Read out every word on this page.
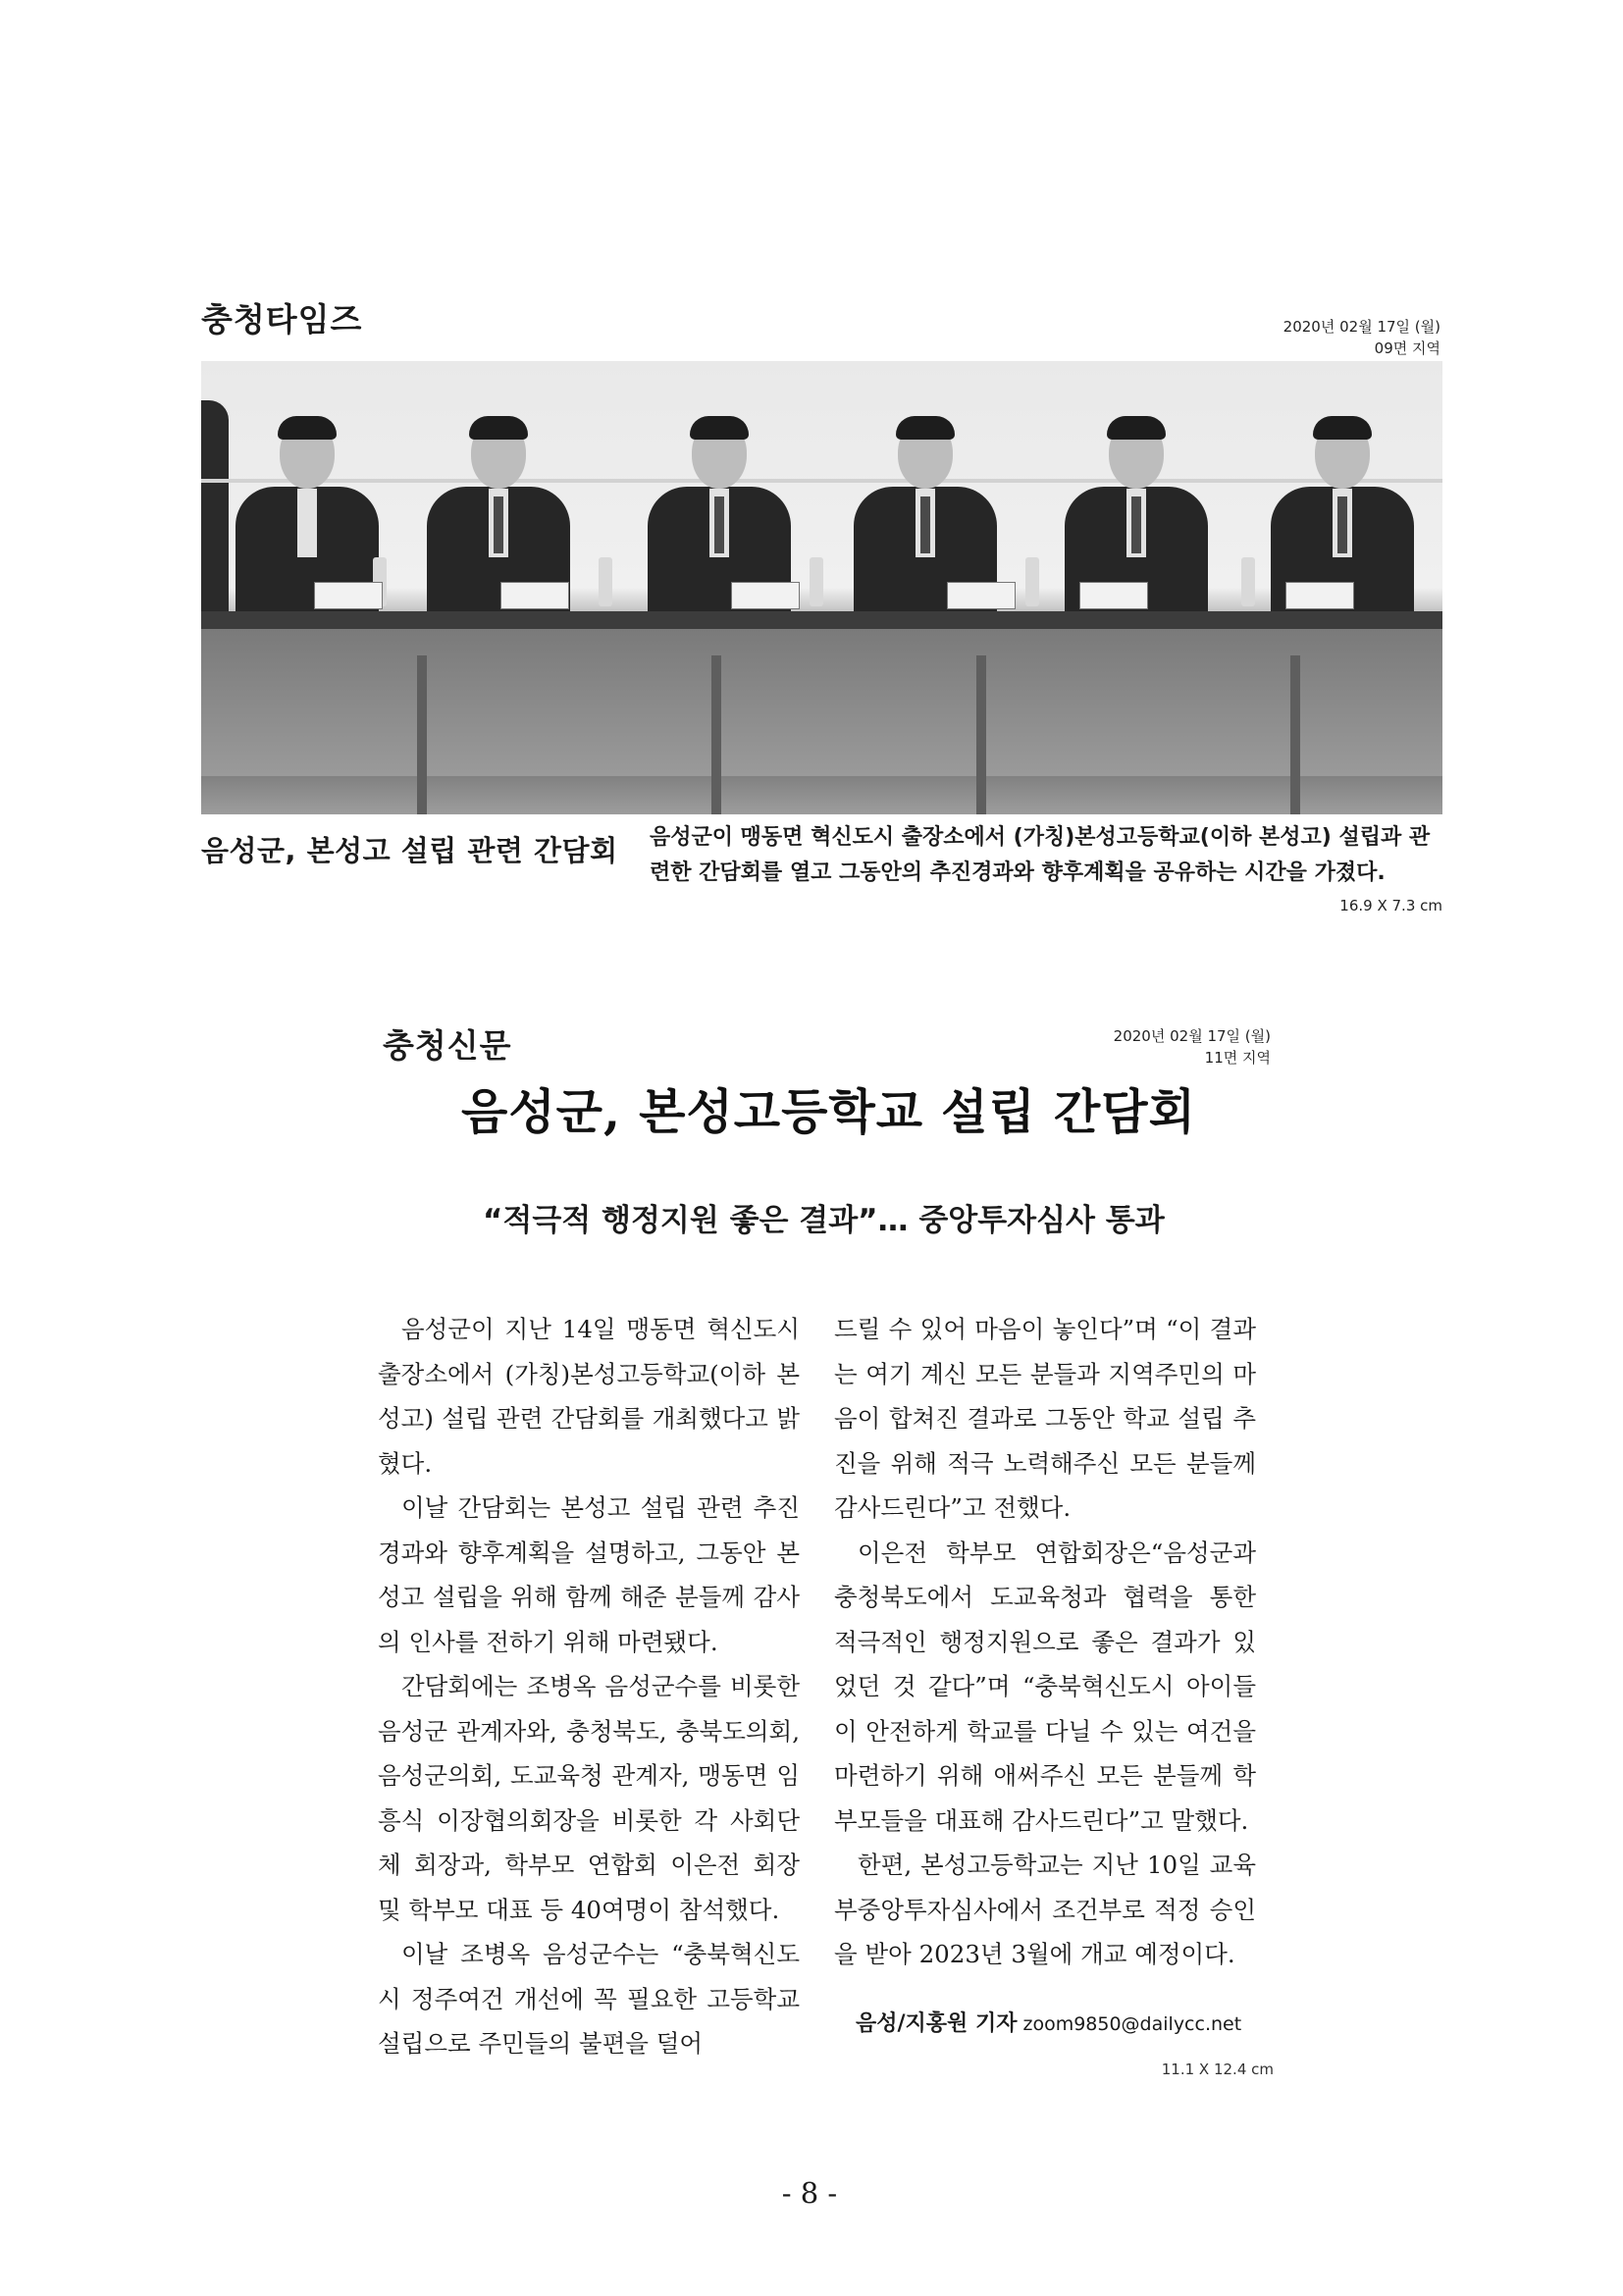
충청타임즈	2020년 02월 17일 (월)
09면 지역
음성군, 본성고 설립 관련 간담회 음성군이 맹동면 혁신도시 출장소에서 (가칭)본성고등학교(이하 본성고) 설립과 관련한 간담회를 열고 그동안의 추진경과와 향후계획을 공유하는 시간을 가졌다.
16.9 X 7.3 cm
충청신문	2020년 02월 17일 (월)
11면 지역
음성군, 본성고등학교 설립 간담회
“적극적 행정지원 좋은 결과”… 중앙투자심사 통과

음성군이 지난 14일 맹동면 혁신도시 출장소에서 (가칭)본성고등학교(이하 본성고) 설립 관련 간담회를 개최했다고 밝혔다.

이날 간담회는 본성고 설립 관련 추진경과와 향후계획을 설명하고, 그동안 본성고 설립을 위해 함께 해준 분들께 감사의 인사를 전하기 위해 마련됐다.

간담회에는 조병옥 음성군수를 비롯한 음성군 관계자와, 충청북도, 충북도의회, 음성군의회, 도교육청 관계자, 맹동면 임흥식 이장협의회장을 비롯한 각 사회단체 회장과, 학부모 연합회 이은전 회장 및 학부모 대표 등 40여명이 참석했다.

이날 조병옥 음성군수는 “충북혁신도시 정주여건 개선에 꼭 필요한 고등학교 설립으로 주민들의 불편을 덜어

드릴 수 있어 마음이 놓인다”며 “이 결과는 여기 계신 모든 분들과 지역주민의 마음이 합쳐진 결과로 그동안 학교 설립 추진을 위해 적극 노력해주신 모든 분들께 감사드린다”고 전했다.

이은전 학부모 연합회장은“음성군과 충청북도에서 도교육청과 협력을 통한 적극적인 행정지원으로 좋은 결과가 있었던 것 같다”며 “충북혁신도시 아이들이 안전하게 학교를 다닐 수 있는 여건을 마련하기 위해 애써주신 모든 분들께 학부모들을 대표해 감사드린다”고 말했다.

한편, 본성고등학교는 지난 10일 교육부중앙투자심사에서 조건부로 적정 승인을 받아 2023년 3월에 개교 예정이다.

음성/지홍원 기자 zoom9850@dailycc.net
11.1 X 12.4 cm
- 8 -
